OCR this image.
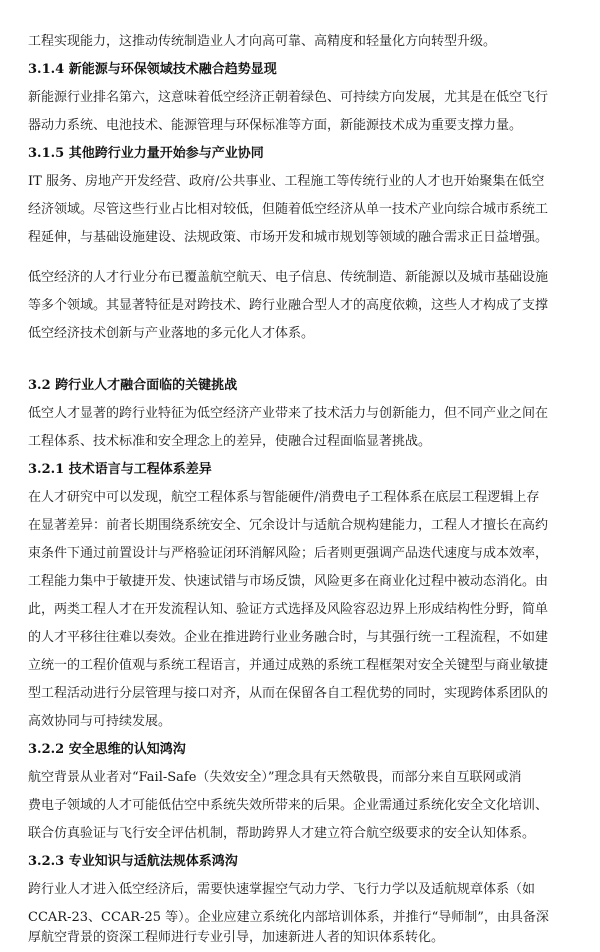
工程实现能力，这推动传统制造业人才向高可靠、高精度和轻量化方向转型升级。
3.1.4 新能源与环保领域技术融合趋势显现
新能源行业排名第六，这意味着低空经济正朝着绿色、可持续方向发展，尤其是在低空飞行
器动力系统、电池技术、能源管理与环保标准等方面，新能源技术成为重要支撑力量。
3.1.5 其他跨行业力量开始参与产业协同
IT 服务、房地产开发经营、政府/公共事业、工程施工等传统行业的人才也开始聚集在低空
经济领域。尽管这些行业占比相对较低，但随着低空经济从单一技术产业向综合城市系统工
程延伸，与基础设施建设、法规政策、市场开发和城市规划等领域的融合需求正日益增强。
低空经济的人才行业分布已覆盖航空航天、电子信息、传统制造、新能源以及城市基础设施
等多个领域。其显著特征是对跨技术、跨行业融合型人才的高度依赖，这些人才构成了支撑
低空经济技术创新与产业落地的多元化人才体系。
3.2 跨行业人才融合面临的关键挑战
低空人才显著的跨行业特征为低空经济产业带来了技术活力与创新能力，但不同产业之间在
工程体系、技术标准和安全理念上的差异，使融合过程面临显著挑战。
3.2.1 技术语言与工程体系差异
在人才研究中可以发现，航空工程体系与智能硬件/消费电子工程体系在底层工程逻辑上存
在显著差异：前者长期围绕系统安全、冗余设计与适航合规构建能力，工程人才擅长在高约
束条件下通过前置设计与严格验证闭环消解风险；后者则更强调产品迭代速度与成本效率，
工程能力集中于敏捷开发、快速试错与市场反馈，风险更多在商业化过程中被动态消化。由
此，两类工程人才在开发流程认知、验证方式选择及风险容忍边界上形成结构性分野，简单
的人才平移往往难以奏效。企业在推进跨行业业务融合时，与其强行统一工程流程，不如建
立统一的工程价值观与系统工程语言，并通过成熟的系统工程框架对安全关键型与商业敏捷
型工程活动进行分层管理与接口对齐，从而在保留各自工程优势的同时，实现跨体系团队的
高效协同与可持续发展。
3.2.2 安全思维的认知鸿沟
航空背景从业者对“Fail-Safe（失效安全）”理念具有天然敬畏，而部分来自互联网或消
费电子领域的人才可能低估空中系统失效所带来的后果。企业需通过系统化安全文化培训、
联合仿真验证与飞行安全评估机制，帮助跨界人才建立符合航空级要求的安全认知体系。
3.2.3 专业知识与适航法规体系鸿沟
跨行业人才进入低空经济后，需要快速掌握空气动力学、飞行力学以及适航规章体系（如
CCAR-23、CCAR-25 等）。企业应建立系统化内部培训体系，并推行“导师制”，由具备深
厚航空背景的资深工程师进行专业引导，加速新进人者的知识体系转化。
